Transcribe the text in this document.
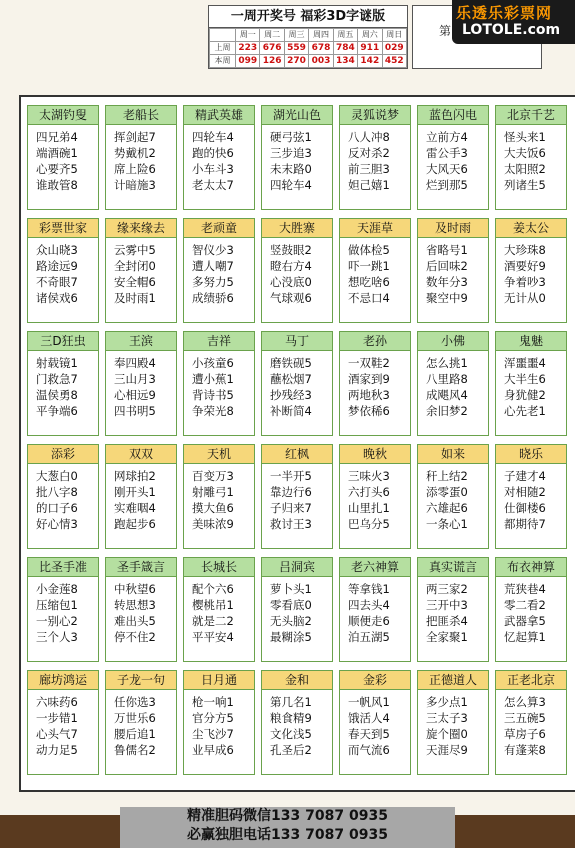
一周开奖号 福彩3D字谜版
	周一	周二	周三	周四	周五	周六	周日
上周	223	676	559	678	784	911	029
本周	099	126	270	003	134	142	452
第
乐透乐彩票网
LOTOLE.com
太湖钓叟
四兄弟4
端酒碗1
心要齐5
谁敢管8
老船长
挥剑起7
势戴机2
席上险6
计暗施3
精武英雄
四轮车4
跑的快6
小车斗3
老太太7
湖光山色
硬弓弦1
三步追3
未末路0
四轮车4
灵狐说梦
八人冲8
反对杀2
前三胆3
妲己嬉1
蓝色闪电
立前方4
雷公手3
大风天6
烂到那5
北京千艺
怪头来1
大夫饭6
太阳照2
列诸生5
彩票世家
众山晓3
路途远9
不奇眼7
诸侯戏6
缘来缘去
云雾中5
全封闭0
安全帽6
及时雨1
老顽童
智仪少3
遭人嘲7
多努力5
成绩骄6
大胜寨
竖鼓眼2
瞪右方4
心没底0
气球观6
天涯草
做体检5
吓一跳1
想吃啥6
不忌口4
及时雨
省略号1
后回味2
数年分3
聚空中9
姜太公
大珍珠8
酒要好9
争着吵3
无计从0
三D狂虫
射载镜1
门救急7
温侯勇8
平争端6
王滨
奉四殿4
三山月3
心相远9
四书明5
吉祥
小孩童6
遭小蕉1
背诗书5
争荣光8
马丁
磨铁砚5
蘸松烟7
抄残经3
补断简4
老孙
一双鞋2
酒家到9
两地秋3
梦依稀6
小佛
怎么挑1
八里路8
成飓风4
余旧梦2
鬼魅
浑噩噩4
大半生6
身犹健2
心先老1
添彩
大葱白0
批八字8
的口子6
好心情3
双双
网球拍2
刚开头1
实难咽4
跑起步6
天机
百变万3
射雕弓1
摸大鱼6
美味浓9
红枫
一半开5
靠边行6
子归来7
救讨王3
晚秋
三味火3
六打头6
山里扎1
巴乌分5
如来
秆上结2
添零蛋0
六雄起6
一条心1
晓乐
子建才4
对相随2
仕御楼6
都期待7
比圣手准
小金莲8
压缩包1
一别心2
三个人3
圣手箴言
中秋望6
转思想3
难出头5
停不住2
长城长
配个六6
樱桃吊1
就是二2
平平安4
吕洞宾
萝卜头1
零看底0
无头脑2
最糊涂5
老六神算
等拿钱1
四去头4
顺便走6
泊五湖5
真实谎言
两三家2
三开中3
把匪杀4
全家聚1
布衣神算
荒狭巷4
零二看2
武器拿5
忆起算1
廊坊鸿运
六味药6
一步错1
心头气7
动力足5
子龙一句
任你选3
万世乐6
腰后追1
鲁儒名2
日月通
枪一响1
官分方5
尘飞沙7
业早成6
金和
第几名1
粮食精9
文化浅5
孔圣后2
金彩
一帆风1
饿活人4
春天到5
而气流6
正德道人
多少点1
三太子3
旋个圈0
天涯尽9
正老北京
怎么算3
三五碗5
草房子6
有蓬莱8
精准胆码微信133 7087 0935
必赢独胆电话133 7087 0935
